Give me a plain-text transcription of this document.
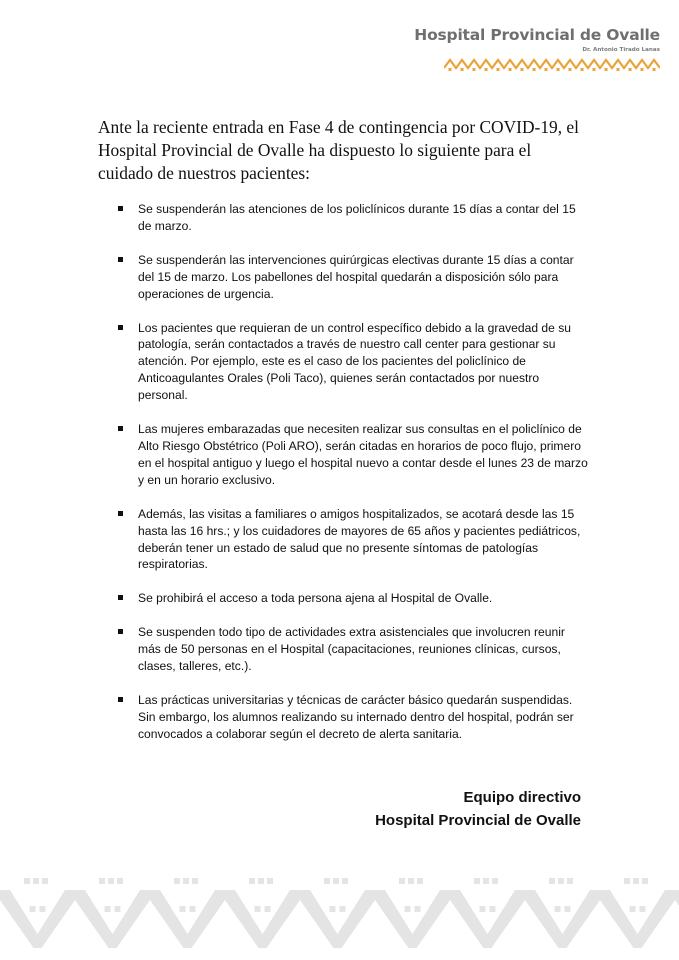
Hospital Provincial de Ovalle

Dr. Antonio Tirado Lanas

Ante la reciente entrada en Fase 4 de contingencia por COVID-19, el Hospital Provincial de Ovalle ha dispuesto lo siguiente para el cuidado de nuestros pacientes:

Se suspenderán las atenciones de los policlínicos durante 15 días a contar del 15 de marzo.
Se suspenderán las intervenciones quirúrgicas electivas durante 15 días a contar del 15 de marzo. Los pabellones del hospital quedarán a disposición sólo para operaciones de urgencia.
Los pacientes que requieran de un control específico debido a la gravedad de su patología, serán contactados a través de nuestro call center para gestionar su atención. Por ejemplo, este es el caso de los pacientes del policlínico de Anticoagulantes Orales (Poli Taco), quienes serán contactados por nuestro personal.
Las mujeres embarazadas que necesiten realizar sus consultas en el policlínico de Alto Riesgo Obstétrico (Poli ARO), serán citadas en horarios de poco flujo, primero en el hospital antiguo y luego el hospital nuevo a contar desde el lunes 23 de marzo y en un horario exclusivo.
Además, las visitas a familiares o amigos hospitalizados, se acotará desde las 15 hasta las 16 hrs.; y los cuidadores de mayores de 65 años y pacientes pediátricos, deberán tener un estado de salud que no presente síntomas de patologías respiratorias.
Se prohibirá el acceso a toda persona ajena al Hospital de Ovalle.
Se suspenden todo tipo de actividades extra asistenciales que involucren reunir más de 50 personas en el Hospital (capacitaciones, reuniones clínicas, cursos, clases, talleres, etc.).
Las prácticas universitarias y técnicas de carácter básico quedarán suspendidas. Sin embargo, los alumnos realizando su internado dentro del hospital, podrán ser convocados a colaborar según el decreto de alerta sanitaria.

Equipo directivo

Hospital Provincial de Ovalle
